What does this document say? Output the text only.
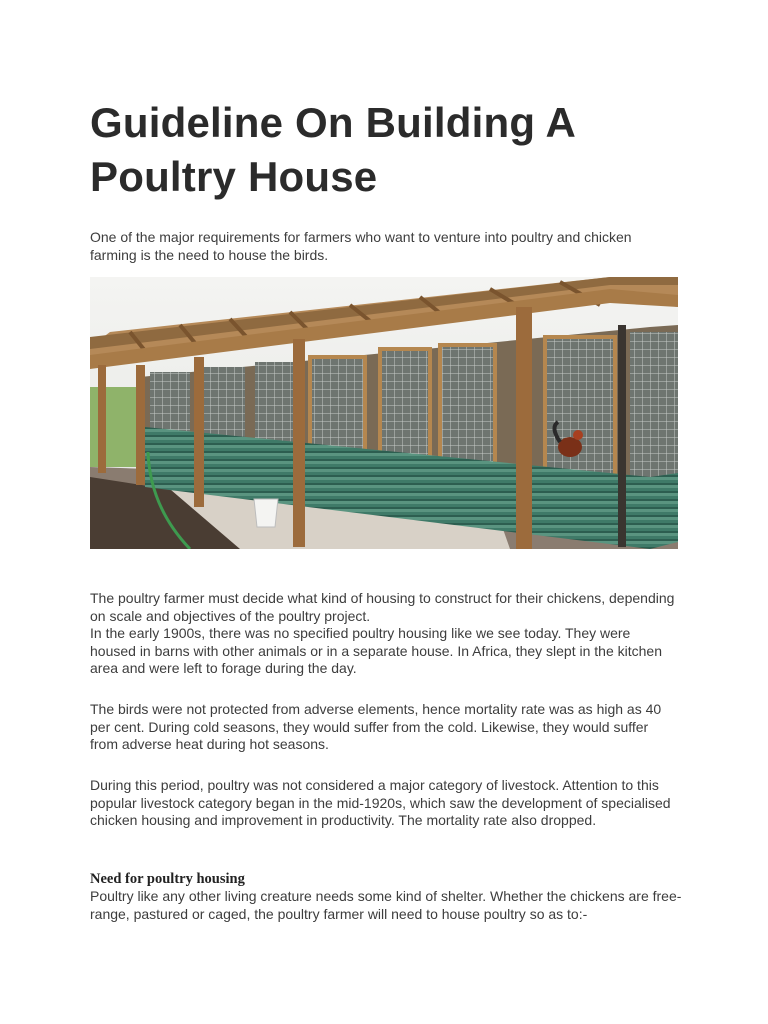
Guideline On Building A Poultry House

One of the major requirements for farmers who want to venture into poultry and chicken farming is the need to house the birds.

The poultry farmer must decide what kind of housing to construct for their chickens, depending on scale and objectives of the poultry project.
In the early 1900s, there was no specified poultry housing like we see today. They were housed in barns with other animals or in a separate house. In Africa, they slept in the kitchen area and were left to forage during the day.

The birds were not protected from adverse elements, hence mortality rate was as high as 40 per cent. During cold seasons, they would suffer from the cold. Likewise, they would suffer from adverse heat during hot seasons.

During this period, poultry was not considered a major category of livestock. Attention to this popular livestock category began in the mid-1920s, which saw the development of specialised chicken housing and improvement in productivity. The mortality rate also dropped.

Need for poultry housing

Poultry like any other living creature needs some kind of shelter. Whether the chickens are free-range, pastured or caged, the poultry farmer will need to house poultry so as to:-
